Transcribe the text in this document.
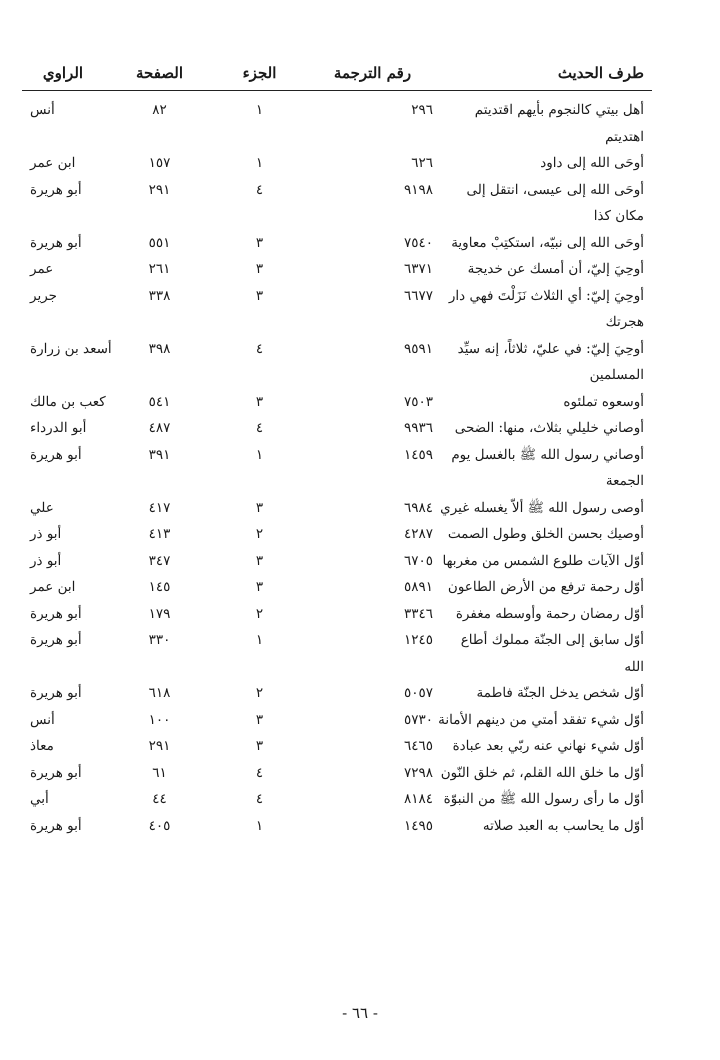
طرف الحديث
رقم الترجمة
الجزء
الصفحة
الراوي
أهل بيتي كالنجوم بأيهم اقتديتم اهتديتم
٢٩٦
١
٨٢
أنس
أوحَى الله إلى داود
٦٢٦
١
١٥٧
ابن عمر
أوحَى الله إلى عيسى، انتقل إلى مكان كذا
٩١٩٨
٤
٢٩١
أبو هريرة
أوحَى الله إلى نبيّه، استكتِبْ معاوية
٧٥٤٠
٣
٥٥١
أبو هريرة
أوحِيَ إليّ، أن أمسك عن خديجة
٦٣٧١
٣
٢٦١
عمر
أوحِيَ إليّ: أي الثلاث نَزَلْتَ فهي دار هجرتك
٦٦٧٧
٣
٣٣٨
جرير
أوحِيَ إليّ: في عليّ، ثلاثاً، إنه سيِّد المسلمين
٩٥٩١
٤
٣٩٨
أسعد بن زرارة
أوسعوه تملئوه
٧٥٠٣
٣
٥٤١
كعب بن مالك
أوصاني خليلي بثلاث، منها: الضحى
٩٩٣٦
٤
٤٨٧
أبو الدرداء
أوصاني رسول الله ﷺ بالغسل يوم الجمعة
١٤٥٩
١
٣٩١
أبو هريرة
أوصى رسول الله ﷺ ألاّ يغسله غيري
٦٩٨٤
٣
٤١٧
علي
أوصيك بحسن الخلق وطول الصمت
٤٢٨٧
٢
٤١٣
أبو ذر
أوّل الآيات طلوع الشمس من مغربها
٦٧٠٥
٣
٣٤٧
أبو ذر
أوّل رحمة ترفع من الأرض الطاعون
٥٨٩١
٣
١٤٥
ابن عمر
أوّل رمضان رحمة وأوسطه مغفرة
٣٣٤٦
٢
١٧٩
أبو هريرة
أوّل سابق إلى الجنّة مملوك أطاع الله
١٢٤٥
١
٣٣٠
أبو هريرة
أوّل شخص يدخل الجنّة فاطمة
٥٠٥٧
٢
٦١٨
أبو هريرة
أوّل شيء تفقد أمتي من دينهم الأمانة
٥٧٣٠
٣
١٠٠
أنس
أوّل شيء نهاني عنه ربّي بعد عبادة
٦٤٦٥
٣
٢٩١
معاذ
أوّل ما خلق الله القلم، ثم خلق النّون
٧٢٩٨
٤
٦١
أبو هريرة
أوّل ما رأى رسول الله ﷺ من النبوّة
٨١٨٤
٤
٤٤
أبي
أوّل ما يحاسب به العبد صلاته
١٤٩٥
١
٤٠٥
أبو هريرة
- ٦٦ -
